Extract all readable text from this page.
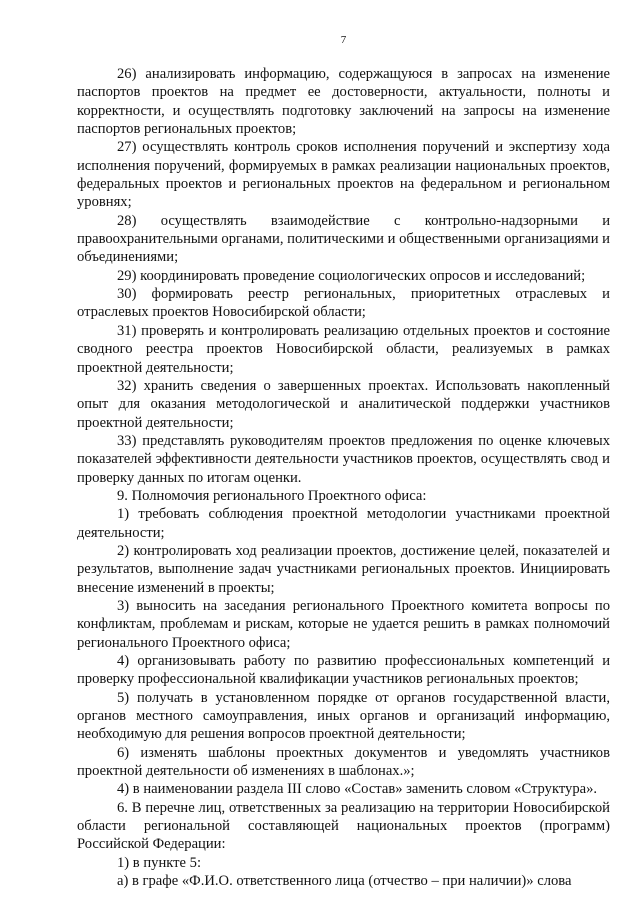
7

26) анализировать информацию, содержащуюся в запросах на изменение паспортов проектов на предмет ее достоверности, актуальности, полноты и корректности, и осуществлять подготовку заключений на запросы на изменение паспортов региональных проектов;

27) осуществлять контроль сроков исполнения поручений и экспертизу хода исполнения поручений, формируемых в рамках реализации национальных проектов, федеральных проектов и региональных проектов на федеральном и региональном уровнях;

28) осуществлять взаимодействие с контрольно-надзорными и правоохранительными органами, политическими и общественными организациями и объединениями;

29) координировать проведение социологических опросов и исследований;

30) формировать реестр региональных, приоритетных отраслевых и отраслевых проектов Новосибирской области;

31) проверять и контролировать реализацию отдельных проектов и состояние сводного реестра проектов Новосибирской области, реализуемых в рамках проектной деятельности;

32) хранить сведения о завершенных проектах. Использовать накопленный опыт для оказания методологической и аналитической поддержки участников проектной деятельности;

33) представлять руководителям проектов предложения по оценке ключевых показателей эффективности деятельности участников проектов, осуществлять свод и проверку данных по итогам оценки.

9. Полномочия регионального Проектного офиса:

1) требовать соблюдения проектной методологии участниками проектной деятельности;

2) контролировать ход реализации проектов, достижение целей, показателей и результатов, выполнение задач участниками региональных проектов. Инициировать внесение изменений в проекты;

3) выносить на заседания регионального Проектного комитета вопросы по конфликтам, проблемам и рискам, которые не удается решить в рамках полномочий регионального Проектного офиса;

4) организовывать работу по развитию профессиональных компетенций и проверку профессиональной квалификации участников региональных проектов;

5) получать в установленном порядке от органов государственной власти, органов местного самоуправления, иных органов и организаций информацию, необходимую для решения вопросов проектной деятельности;

6) изменять шаблоны проектных документов и уведомлять участников проектной деятельности об изменениях в шаблонах.»;

4) в наименовании раздела III слово «Состав» заменить словом «Структура».

6. В перечне лиц, ответственных за реализацию на территории Новосибирской области региональной составляющей национальных проектов (программ) Российской Федерации:

1) в пункте 5:

а) в графе «Ф.И.О. ответственного лица (отчество – при наличии)» слова
